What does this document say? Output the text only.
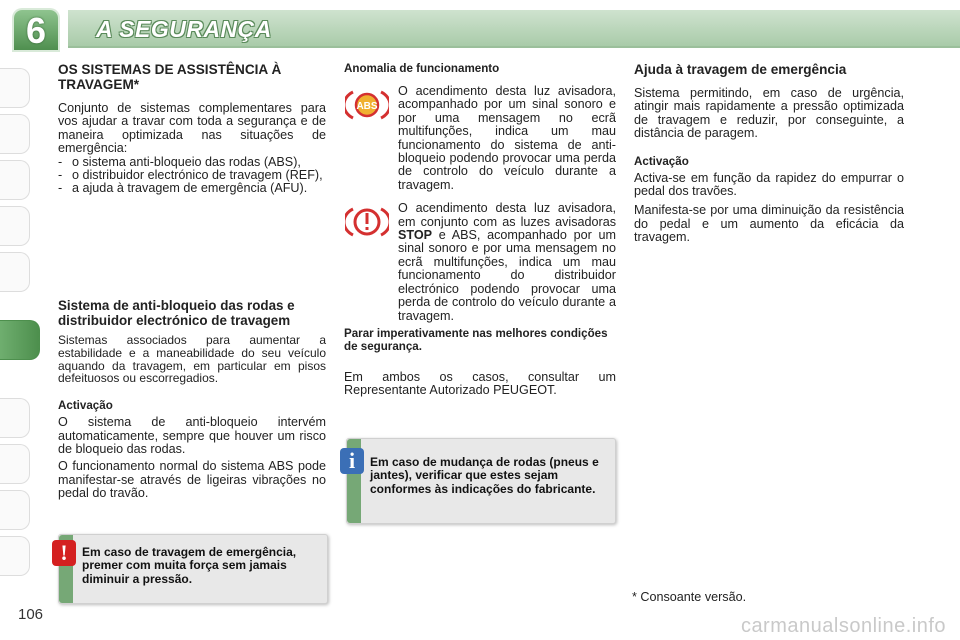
6	A SEGURANÇA
OS SISTEMAS DE ASSISTÊNCIA À TRAVAGEM*

Conjunto de sistemas complementares para vos ajudar a travar com toda a segurança e de maneira optimizada nas situações de emergência:

- o sistema anti-bloqueio das rodas (ABS),
- o distribuidor electrónico de travagem (REF),
- a ajuda à travagem de emergência (AFU).
Sistema de anti-bloqueio das rodas e distribuidor electrónico de travagem

Sistemas associados para aumentar a estabilidade e a maneabilidade do seu veículo aquando da travagem, em particular em pisos defeituosos ou escorregadios.

Activação

O sistema de anti-bloqueio intervém automaticamente, sempre que houver um risco de bloqueio das rodas.

O funcionamento normal do sistema ABS pode manifestar-se através de ligeiras vibrações no pedal do travão.

!	Em caso de travagem de emergência, premer com muita força sem jamais diminuir a pressão.
Anomalia de funcionamento
ABS

O acendimento desta luz avisadora, acompanhado por um sinal sonoro e por uma mensagem no ecrã multifunções, indica um mau funcionamento do sistema de anti-bloqueio podendo provocar uma perda de controlo do veículo durante a travagem.

O acendimento desta luz avisadora, em conjunto com as luzes avisadoras STOP e ABS, acompanhado por um sinal sonoro e por uma mensagem no ecrã multifunções, indica um mau funcionamento do distribuidor electrónico podendo provocar uma perda de controlo do veículo durante a travagem.

Parar imperativamente nas melhores condições de segurança.

Em ambos os casos, consultar um Representante Autorizado PEUGEOT.

i	Em caso de mudança de rodas (pneus e jantes), verificar que estes sejam conformes às indicações do fabricante.
Ajuda à travagem de emergência

Sistema permitindo, em caso de urgência, atingir mais rapidamente a pressão optimizada de travagem e reduzir, por conseguinte, a distância de paragem.

Activação

Activa-se em função da rapidez do empurrar o pedal dos travões.

Manifesta-se por uma diminuição da resistência do pedal e um aumento da eficácia da travagem.

* Consoante versão.
106
carmanualsonline.info
